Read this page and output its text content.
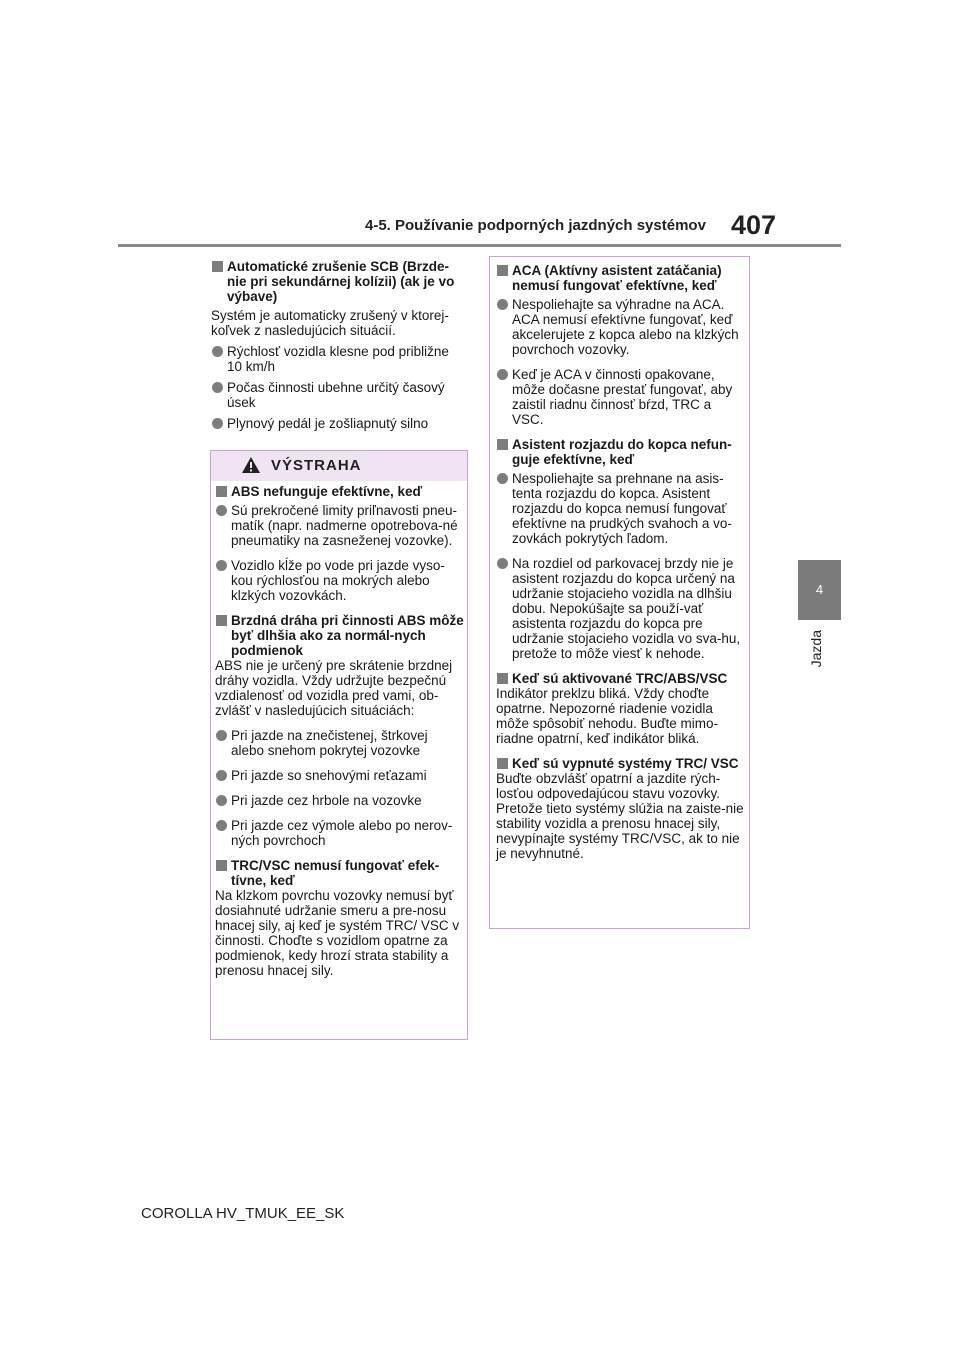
4-5. Používanie podporných jazdných systémov 407
4
Jazda
Automatické zrušenie SCB (Brzde-nie pri sekundárnej kolízii) (ak je vo výbave)
Systém je automaticky zrušený v ktorej-koľvek z nasledujúcich situácií.
Rýchlosť vozidla klesne pod približne 10 km/h
Počas činnosti ubehne určitý časový úsek
Plynový pedál je zošliapnutý silno
VÝSTRAHA
ABS nefunguje efektívne, keď
Sú prekročené limity priľnavosti pneu-matík (napr. nadmerne opotrebova-né pneumatiky na zasneženej vozovke).
Vozidlo kĺže po vode pri jazde vyso-kou rýchlosťou na mokrých alebo klzkých vozovkách.
Brzdná dráha pri činnosti ABS môže byť dlhšia ako za normál-nych podmienok
ABS nie je určený pre skrátenie brzdnej dráhy vozidla. Vždy udržujte bezpečnú vzdialenosť od vozidla pred vami, ob-zvlášť v nasledujúcich situáciách:
Pri jazde na znečistenej, štrkovej alebo snehom pokrytej vozovke
Pri jazde so snehovými reťazami
Pri jazde cez hrbole na vozovke
Pri jazde cez výmole alebo po nerov-ných povrchoch
TRC/VSC nemusí fungovať efek-tívne, keď
Na klzkom povrchu vozovky nemusí byť dosiahnuté udržanie smeru a pre-nosu hnacej sily, aj keď je systém TRC/ VSC v činnosti. Choďte s vozidlom opatrne za podmienok, kedy hrozí strata stability a prenosu hnacej sily.
ACA (Aktívny asistent zatáčania) nemusí fungovať efektívne, keď
Nespoliehajte sa výhradne na ACA. ACA nemusí efektívne fungovať, keď akcelerujete z kopca alebo na klzkých povrchoch vozovky.
Keď je ACA v činnosti opakovane, môže dočasne prestať fungovať, aby zaistil riadnu činnosť bŕzd, TRC a VSC.
Asistent rozjazdu do kopca nefun-guje efektívne, keď
Nespoliehajte sa prehnane na asis-tenta rozjazdu do kopca. Asistent rozjazdu do kopca nemusí fungovať efektívne na prudkých svahoch a vo-zovkách pokrytých ľadom.
Na rozdiel od parkovacej brzdy nie je asistent rozjazdu do kopca určený na udržanie stojacieho vozidla na dlhšiu dobu. Nepokúšajte sa použí-vať asistenta rozjazdu do kopca pre udržanie stojacieho vozidla vo sva-hu, pretože to môže viesť k nehode.
Keď sú aktivované TRC/ABS/VSC
Indikátor preklzu bliká. Vždy choďte opatrne. Nepozorné riadenie vozidla môže spôsobiť nehodu. Buďte mimo-riadne opatrní, keď indikátor bliká.
Keď sú vypnuté systémy TRC/ VSC
Buďte obzvlášť opatrní a jazdite rých-losťou odpovedajúcou stavu vozovky. Pretože tieto systémy slúžia na zaiste-nie stability vozidla a prenosu hnacej sily, nevypínajte systémy TRC/VSC, ak to nie je nevyhnutné.
COROLLA HV_TMUK_EE_SK
